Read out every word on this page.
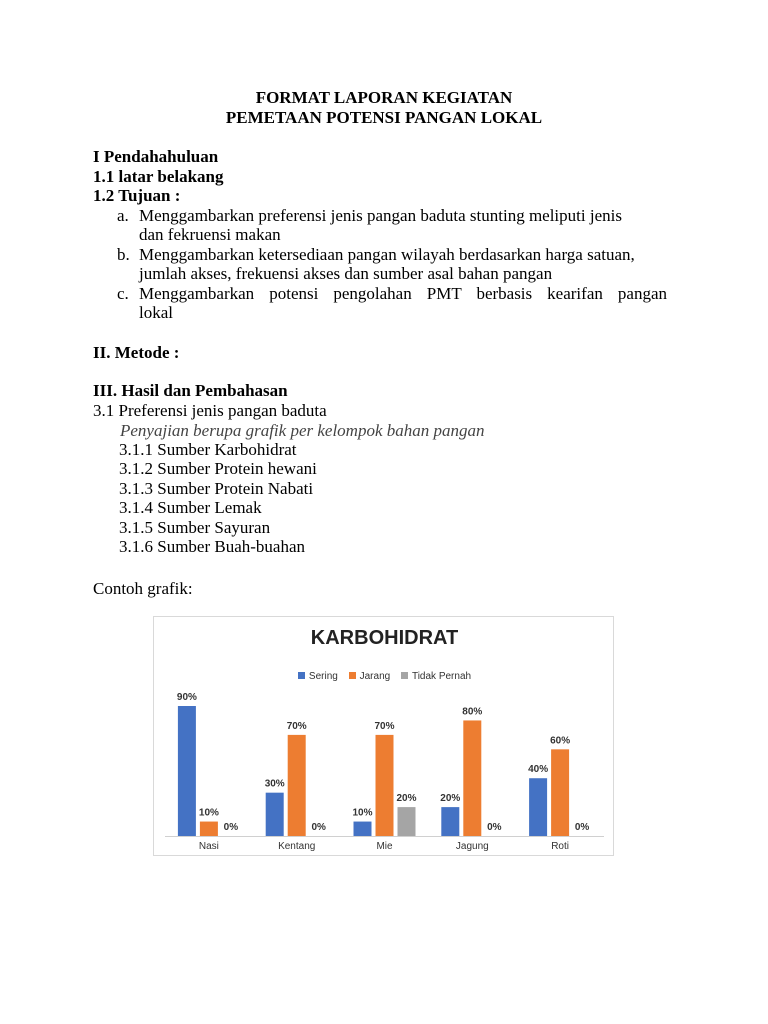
FORMAT LAPORAN KEGIATAN
PEMETAAN POTENSI PANGAN LOKAL
I Pendahahuluan
1.1 latar belakang
1.2 Tujuan :
a. Menggambarkan preferensi jenis pangan baduta stunting meliputi jenis
dan fekruensi makan
b. Menggambarkan ketersediaan pangan wilayah berdasarkan harga satuan,
jumlah akses, frekuensi akses dan sumber asal bahan pangan
c. Menggambarkan potensi pengolahan PMT berbasis kearifan pangan
lokal
II. Metode :
III. Hasil dan Pembahasan
3.1 Preferensi jenis pangan baduta
Penyajian berupa grafik per kelompok bahan pangan
3.1.1 Sumber Karbohidrat
3.1.2 Sumber Protein hewani
3.1.3 Sumber Protein Nabati
3.1.4 Sumber Lemak
3.1.5 Sumber Sayuran
3.1.6 Sumber Buah-buahan
Contoh grafik:
KARBOHIDRAT
Sering Jarang Tidak Pernah
90%
10%
0%
Nasi
30%
70%
0%
Kentang
10%
70%
20%
Mie
20%
80%
0%
Jagung
40%
60%
0%
Roti
